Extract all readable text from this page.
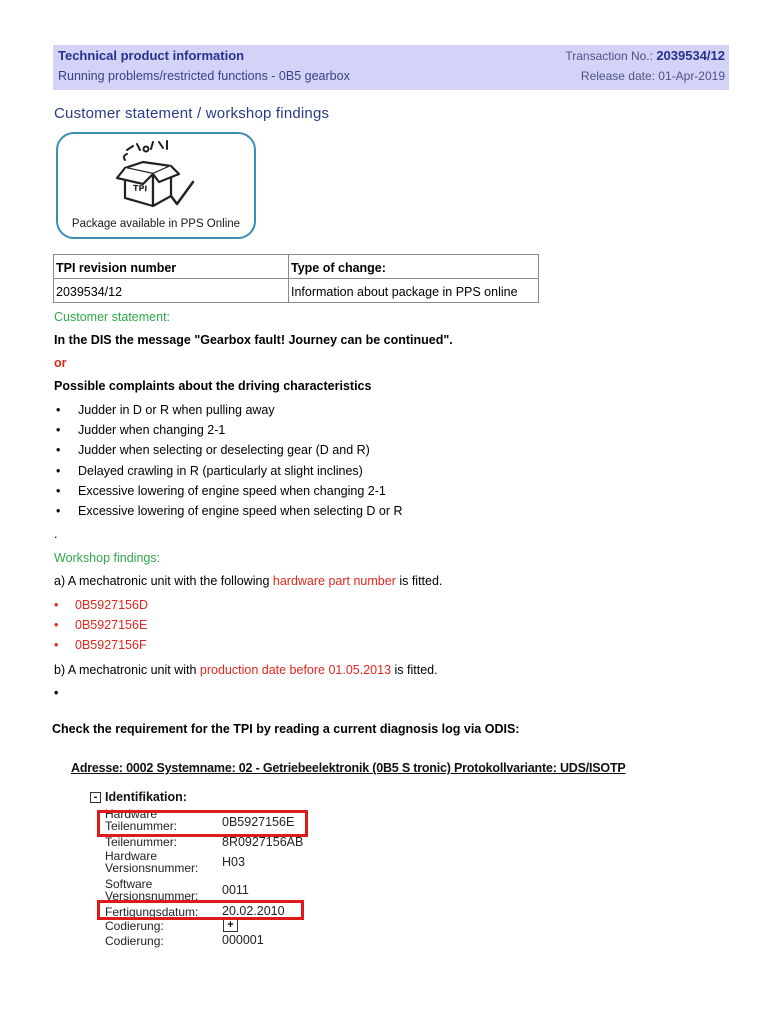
Technical product information
Running problems/restricted functions - 0B5 gearbox
Transaction No.: 2039534/12
Release date: 01-Apr-2019
Customer statement / workshop findings
TPI
Package available in PPS Online
TPI revision number	Type of change:
2039534/12	Information about package in PPS online
Customer statement:
In the DIS the message "Gearbox fault! Journey can be continued".
or
Possible complaints about the driving characteristics
• Judder in D or R when pulling away
• Judder when changing 2-1
• Judder when selecting or deselecting gear (D and R)
• Delayed crawling in R (particularly at slight inclines)
• Excessive lowering of engine speed when changing 2-1
• Excessive lowering of engine speed when selecting D or R
.
Workshop findings:
a) A mechatronic unit with the following hardware part number is fitted.
• 0B5927156D
• 0B5927156E
• 0B5927156F
b) A mechatronic unit with production date before 01.05.2013 is fitted.
•
Check the requirement for the TPI by reading a current diagnosis log via ODIS:
Adresse: 0002 Systemname: 02 - Getriebeelektronik (0B5 S tronic) Protokollvariante: UDS/ISOTP
- Identifikation:
Hardware Teilenummer:	0B5927156E
Teilenummer:	8R0927156AB
Hardware Versionsnummer:	H03
Software Versionsnummer:	0011
Fertigungsdatum: 20.02.2010
Codierung:	+
Codierung:	000001
